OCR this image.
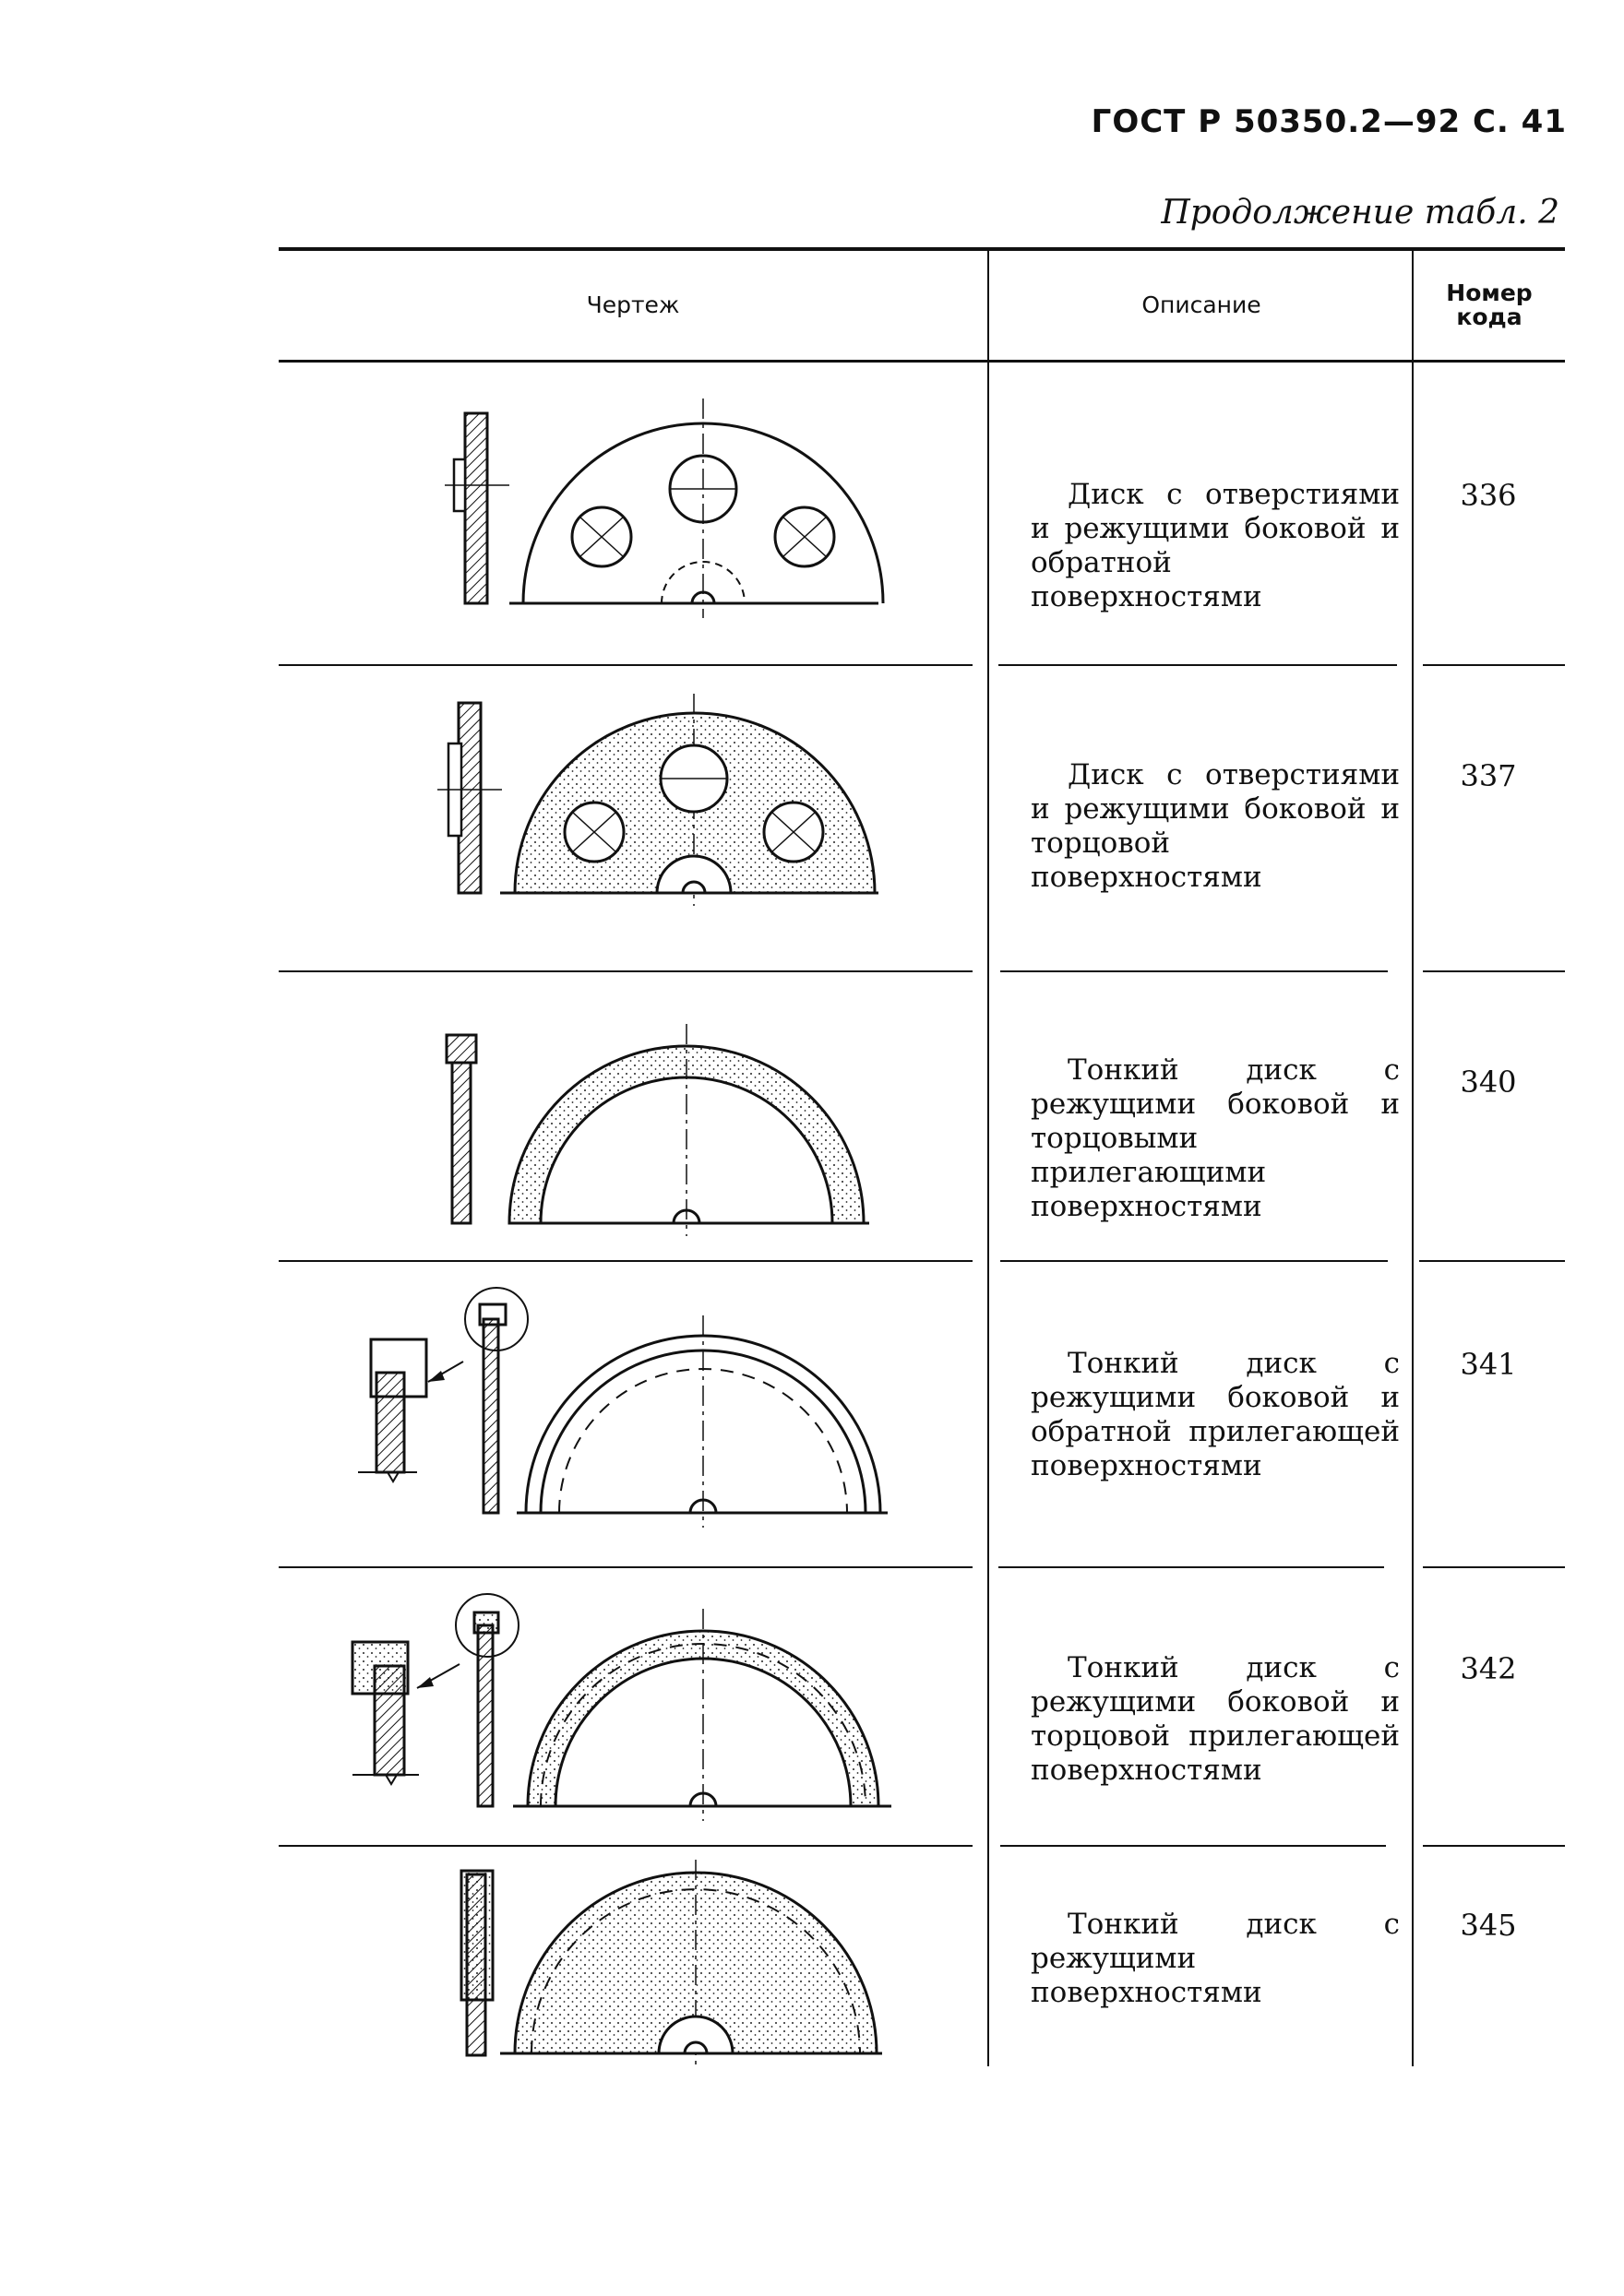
ГОСТ Р 50350.2—92 С. 41
Продолжение табл. 2
Чертеж	Описание	Номер кода
Диск с отверстиями и режущими боковой и обратной поверхностями
336
Диск с отверстиями и режущими боковой и торцовой поверхностями
337
Тонкий диск с режущими боковой и торцовыми прилегающими поверхностями
340
Тонкий диск с режущими боковой и обратной прилегающей поверхностями
341
Тонкий диск с режущими боковой и торцовой прилегающей поверхностями
342
Тонкий диск с режущими поверхностями
345
